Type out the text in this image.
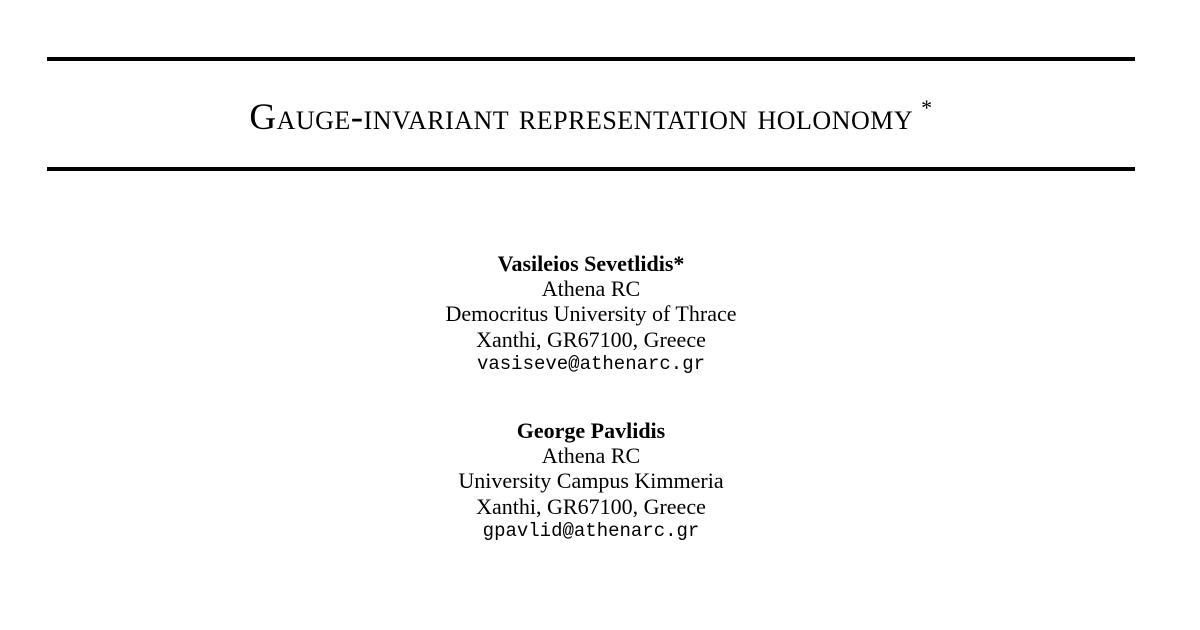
Gauge-invariant representation holonomy *
Vasileios Sevetlidis*
Athena RC
Democritus University of Thrace
Xanthi, GR67100, Greece
vasiseve@athenarc.gr
George Pavlidis
Athena RC
University Campus Kimmeria
Xanthi, GR67100, Greece
gpavlid@athenarc.gr
